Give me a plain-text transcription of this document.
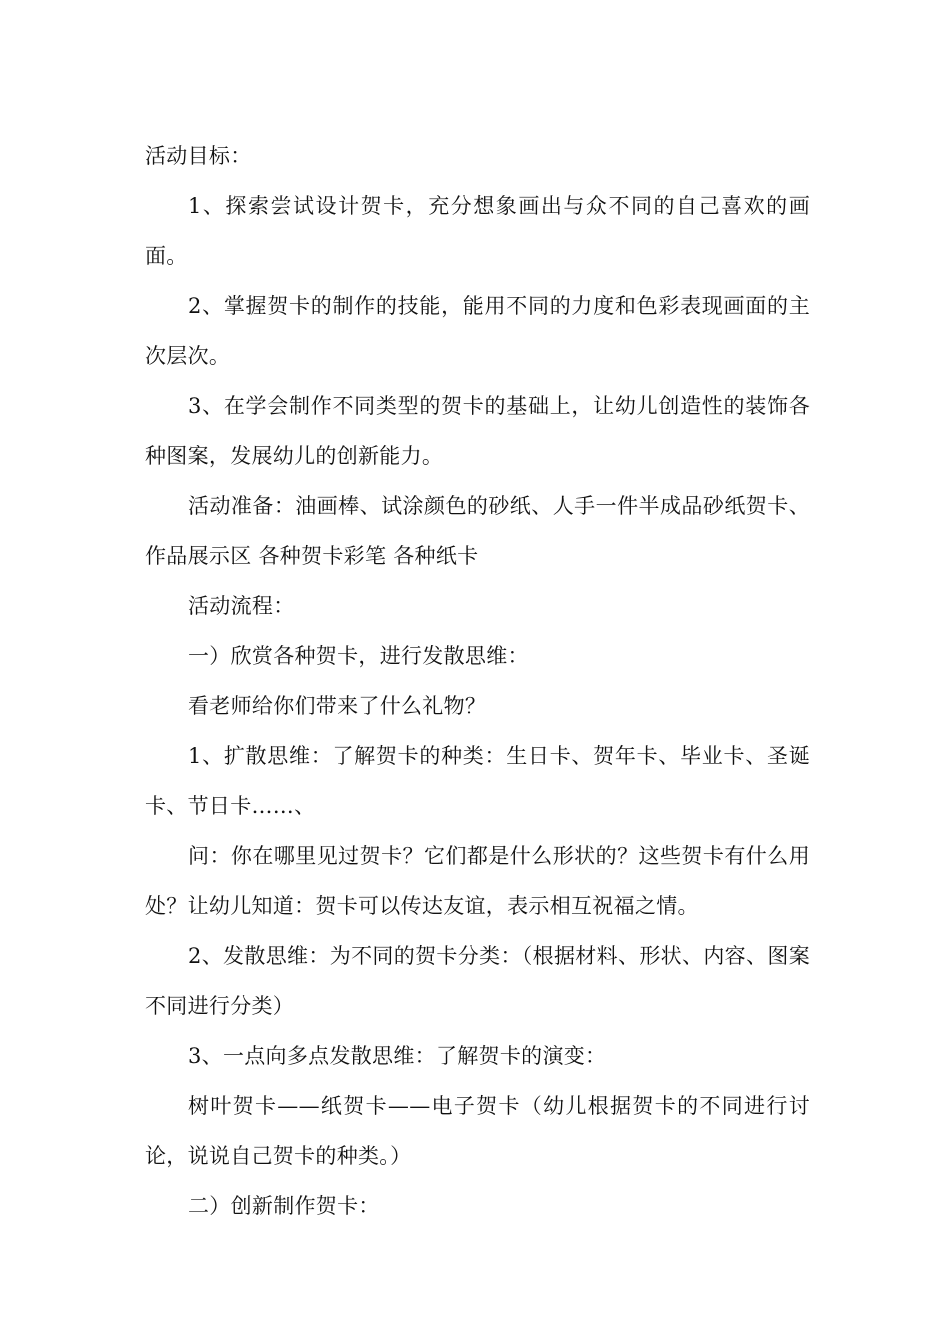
活动目标：

1、探索尝试设计贺卡，充分想象画出与众不同的自己喜欢的画面。

2、掌握贺卡的制作的技能，能用不同的力度和色彩表现画面的主次层次。

3、在学会制作不同类型的贺卡的基础上，让幼儿创造性的装饰各种图案，发展幼儿的创新能力。

活动准备：油画棒、试涂颜色的砂纸、人手一件半成品砂纸贺卡、作品展示区 各种贺卡彩笔 各种纸卡

活动流程：

一）欣赏各种贺卡，进行发散思维：

看老师给你们带来了什么礼物？

1、扩散思维：了解贺卡的种类：生日卡、贺年卡、毕业卡、圣诞卡、节日卡……、

问：你在哪里见过贺卡？它们都是什么形状的？这些贺卡有什么用处？让幼儿知道：贺卡可以传达友谊，表示相互祝福之情。

2、发散思维：为不同的贺卡分类：（根据材料、形状、内容、图案不同进行分类）

3、一点向多点发散思维：了解贺卡的演变：

树叶贺卡——纸贺卡——电子贺卡（幼儿根据贺卡的不同进行讨论，说说自己贺卡的种类。）

二）创新制作贺卡：
